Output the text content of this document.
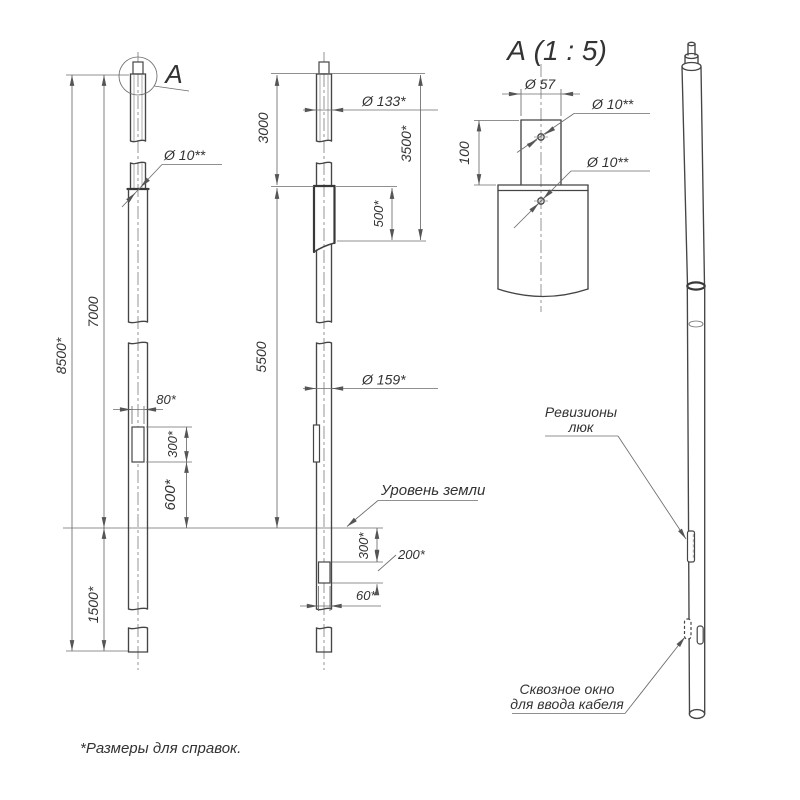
А
Ø 10**
8500*
7000
1500*
80*
300*
600*
3000
5500
500*
3500*
Ø 133*
Ø 159*
Уровень земли
300* 200*
60*
А (1 : 5)
Ø 57
100
Ø 10**
Ø 10**
Ревизионы
люк
Сквозное окно
для ввода кабеля
*Размеры для справок.
